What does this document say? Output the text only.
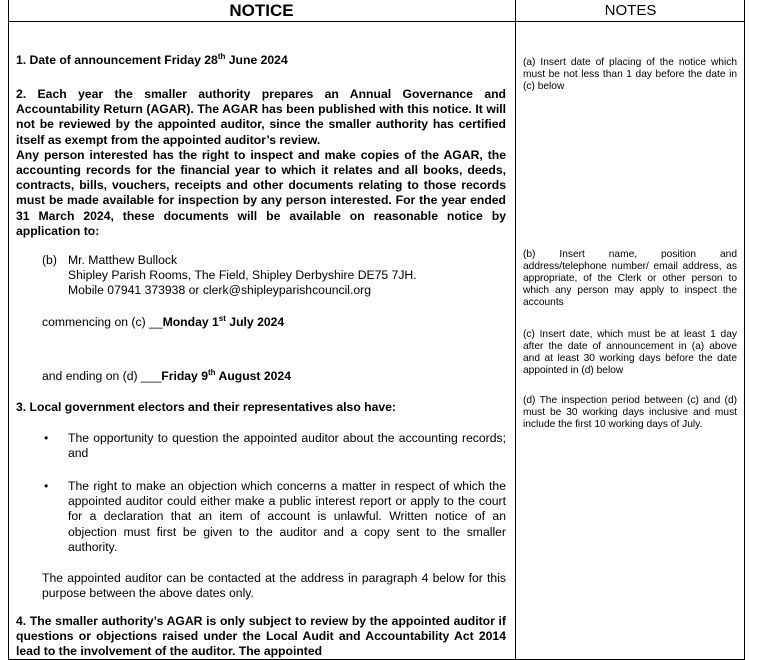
NOTICE	NOTES
1. Date of announcement Friday 28th June 2024

2. Each year the smaller authority prepares an Annual Governance and Accountability Return (AGAR). The AGAR has been published with this notice. It will not be reviewed by the appointed auditor, since the smaller authority has certified itself as exempt from the appointed auditor’s review.

Any person interested has the right to inspect and make copies of the AGAR, the accounting records for the financial year to which it relates and all books, deeds, contracts, bills, vouchers, receipts and other documents relating to those records must be made available for inspection by any person interested. For the year ended 31 March 2024, these documents will be available on reasonable notice by application to:

(b) Mr. Matthew Bullock
Shipley Parish Rooms, The Field, Shipley Derbyshire DE75 7JH.
Mobile 07941 373938 or clerk@shipleyparishcouncil.org
commencing on (c) __Monday 1st July 2024
and ending on (d) ___Friday 9th August 2024
3. Local government electors and their representatives also have:
• The opportunity to question the appointed auditor about the accounting records; and
• The right to make an objection which concerns a matter in respect of which the appointed auditor could either make a public interest report or apply to the court for a declaration that an item of account is unlawful. Written notice of an objection must first be given to the auditor and a copy sent to the smaller authority.
The appointed auditor can be contacted at the address in paragraph 4 below for this purpose between the above dates only.
4. The smaller authority’s AGAR is only subject to review by the appointed auditor if questions or objections raised under the Local Audit and Accountability Act 2014 lead to the involvement of the auditor. The appointed
(a) Insert date of placing of the notice which must be not less than 1 day before the date in (c) below
(b) Insert name, position and address/telephone number/ email address, as appropriate, of the Clerk or other person to which any person may apply to inspect the accounts
(c) Insert date, which must be at least 1 day after the date of announcement in (a) above and at least 30 working days before the date appointed in (d) below
(d) The inspection period between (c) and (d) must be 30 working days inclusive and must include the first 10 working days of July.
